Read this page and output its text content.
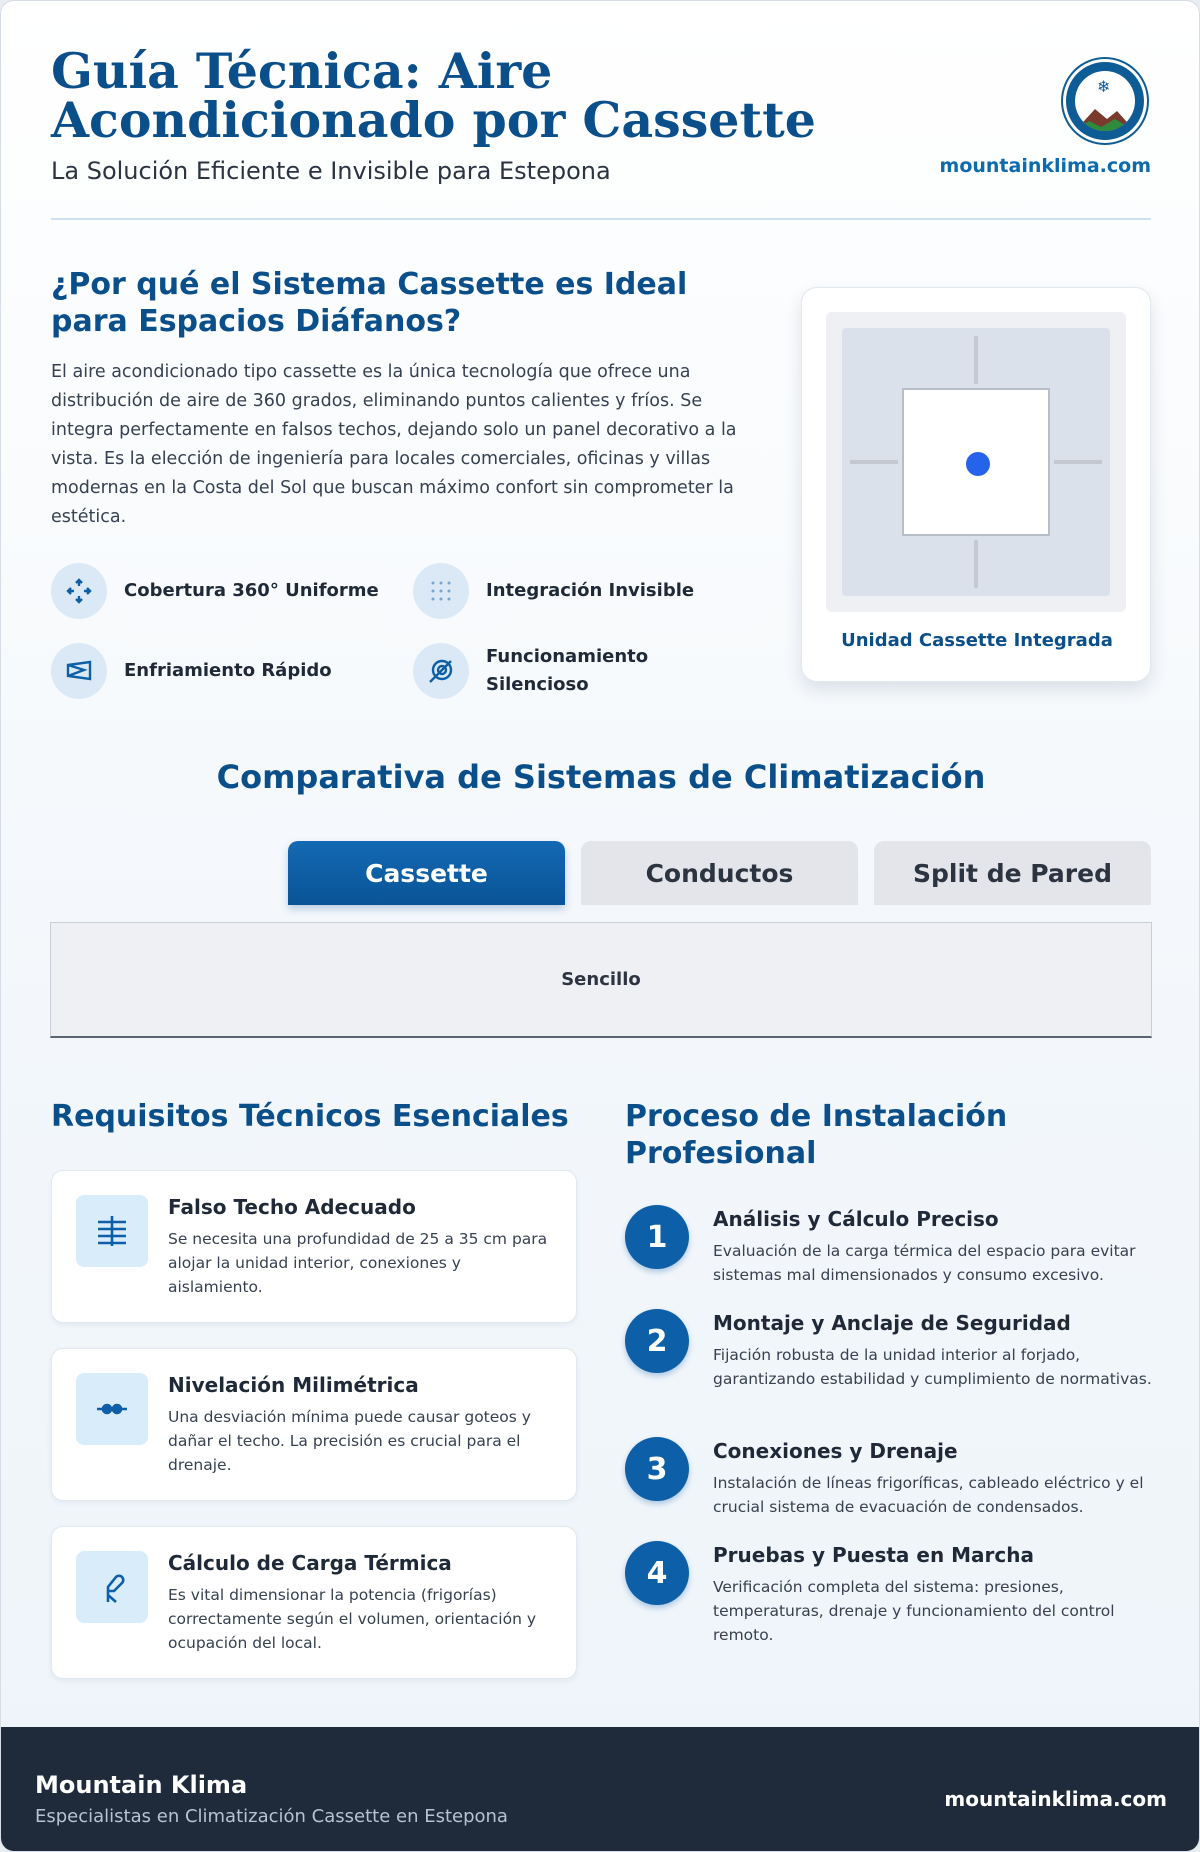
Guía Técnica: Aire Acondicionado por Cassette
La Solución Eficiente e Invisible para Estepona
❄
mountainklima.com
¿Por qué el Sistema Cassette es Ideal para Espacios Diáfanos?

El aire acondicionado tipo cassette es la única tecnología que ofrece una distribución de aire de 360 grados, eliminando puntos calientes y fríos. Se integra perfectamente en falsos techos, dejando solo un panel decorativo a la vista. Es la elección de ingeniería para locales comerciales, oficinas y villas modernas en la Costa del Sol que buscan máximo confort sin comprometer la estética.

Cobertura 360° Uniforme	Integración Invisible
Enfriamiento Rápido
Funcionamiento Silencioso
Unidad Cassette Integrada
Comparativa de Sistemas de Climatización
Cassette	Conductos	Split de Pared
Sencillo
Requisitos Técnicos Esenciales
Falso Techo Adecuado
Se necesita una profundidad de 25 a 35 cm para alojar la unidad interior, conexiones y aislamiento.
Nivelación Milimétrica
Una desviación mínima puede causar goteos y dañar el techo. La precisión es crucial para el drenaje.
Cálculo de Carga Térmica
Es vital dimensionar la potencia (frigorías) correctamente según el volumen, orientación y ocupación del local.
Proceso de Instalación Profesional
1
Análisis y Cálculo Preciso
Evaluación de la carga térmica del espacio para evitar sistemas mal dimensionados y consumo excesivo.
2
Montaje y Anclaje de Seguridad
Fijación robusta de la unidad interior al forjado, garantizando estabilidad y cumplimiento de normativas.
3
Conexiones y Drenaje
Instalación de líneas frigoríficas, cableado eléctrico y el crucial sistema de evacuación de condensados.
4
Pruebas y Puesta en Marcha
Verificación completa del sistema: presiones, temperaturas, drenaje y funcionamiento del control remoto.
Mountain Klima
Especialistas en Climatización Cassette en Estepona
mountainklima.com
